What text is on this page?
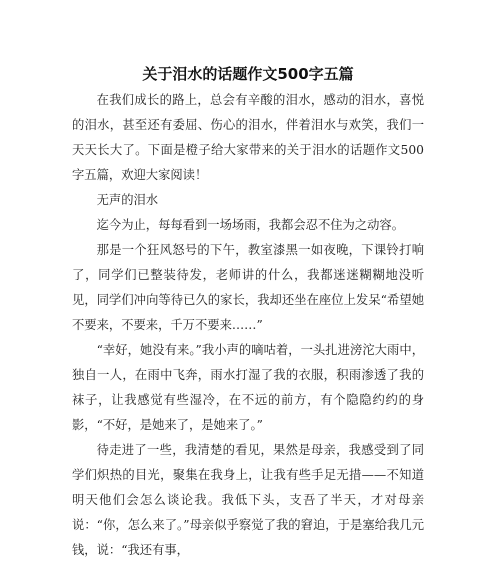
关于泪水的话题作文500字五篇

在我们成长的路上，总会有辛酸的泪水，感动的泪水，喜悦的泪水，甚至还有委屈、伤心的泪水，伴着泪水与欢笑，我们一天天长大了。下面是橙子给大家带来的关于泪水的话题作文500字五篇，欢迎大家阅读！

无声的泪水

迄今为止，每每看到一场场雨，我都会忍不住为之动容。

那是一个狂风怒号的下午，教室漆黑一如夜晚，下课铃打响了，同学们已整装待发，老师讲的什么，我都迷迷糊糊地没听见，同学们冲向等待已久的家长，我却还坐在座位上发呆“希望她不要来，不要来，千万不要来……”

“幸好，她没有来。”我小声的嘀咕着，一头扎进滂沱大雨中，独自一人，在雨中飞奔，雨水打湿了我的衣服，积雨渗透了我的袜子，让我感觉有些湿冷，在不远的前方，有个隐隐约约的身影，“不好，是她来了，是她来了。”

待走进了一些，我清楚的看见，果然是母亲，我感受到了同学们炽热的目光，聚集在我身上，让我有些手足无措——不知道明天他们会怎么谈论我。我低下头，支吾了半天，才对母亲说：“你，怎么来了。”母亲似乎察觉了我的窘迫，于是塞给我几元钱，说：“我还有事，
